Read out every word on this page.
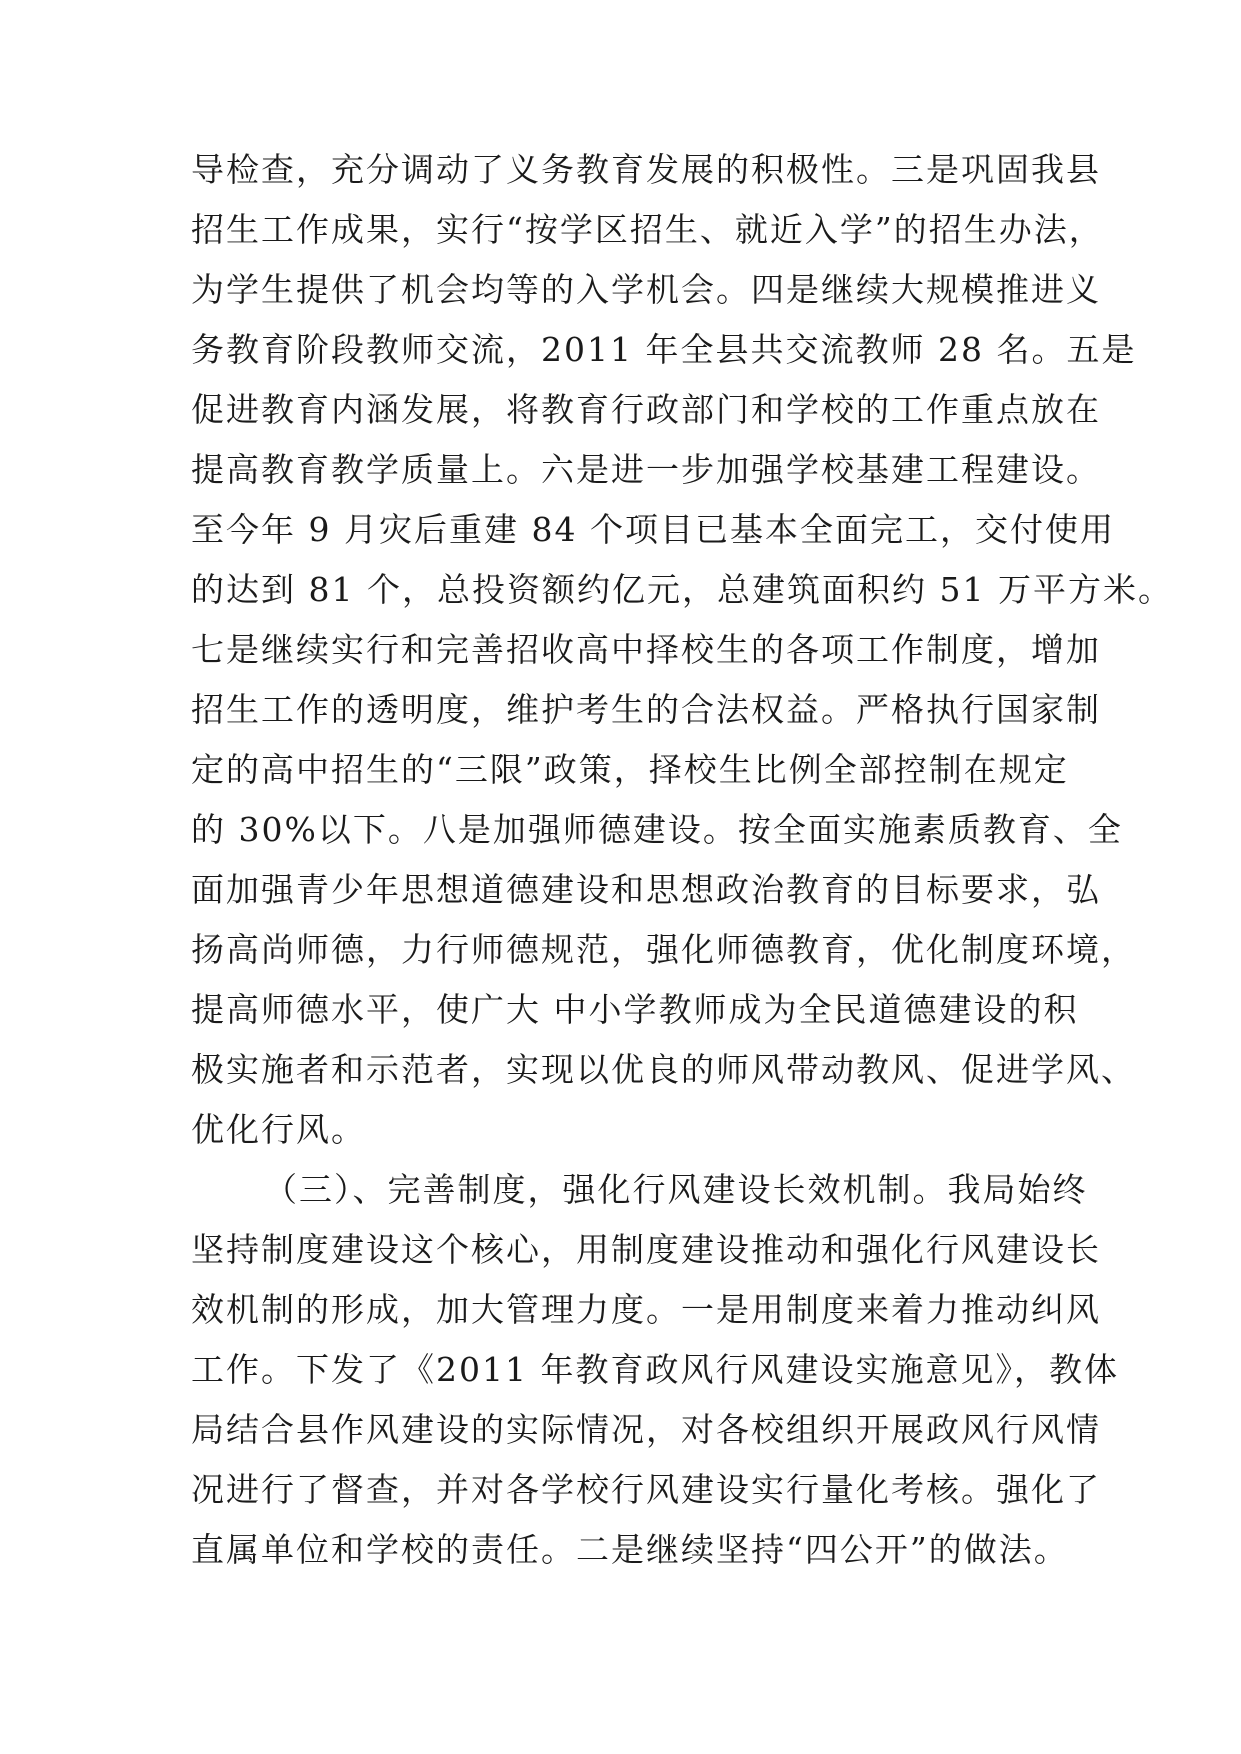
导检查，充分调动了义务教育发展的积极性。三是巩固我县
招生工作成果，实行“按学区招生、就近入学”的招生办法，
为学生提供了机会均等的入学机会。四是继续大规模推进义
务教育阶段教师交流，2011 年全县共交流教师 28 名。五是
促进教育内涵发展，将教育行政部门和学校的工作重点放在
提高教育教学质量上。六是进一步加强学校基建工程建设。
至今年 9 月灾后重建 84 个项目已基本全面完工，交付使用
的达到 81 个，总投资额约亿元，总建筑面积约 51 万平方米。
七是继续实行和完善招收高中择校生的各项工作制度，增加
招生工作的透明度，维护考生的合法权益。严格执行国家制
定的高中招生的“三限”政策，择校生比例全部控制在规定
的 30%以下。八是加强师德建设。按全面实施素质教育、全
面加强青少年思想道德建设和思想政治教育的目标要求，弘
扬高尚师德，力行师德规范，强化师德教育，优化制度环境，
提高师德水平，使广大 中小学教师成为全民道德建设的积
极实施者和示范者，实现以优良的师风带动教风、促进学风、
优化行风。
（三）、完善制度，强化行风建设长效机制。我局始终
坚持制度建设这个核心，用制度建设推动和强化行风建设长
效机制的形成，加大管理力度。一是用制度来着力推动纠风
工作。下发了《2011 年教育政风行风建设实施意见》，教体
局结合县作风建设的实际情况，对各校组织开展政风行风情
况进行了督查，并对各学校行风建设实行量化考核。强化了
直属单位和学校的责任。二是继续坚持“四公开”的做法。
